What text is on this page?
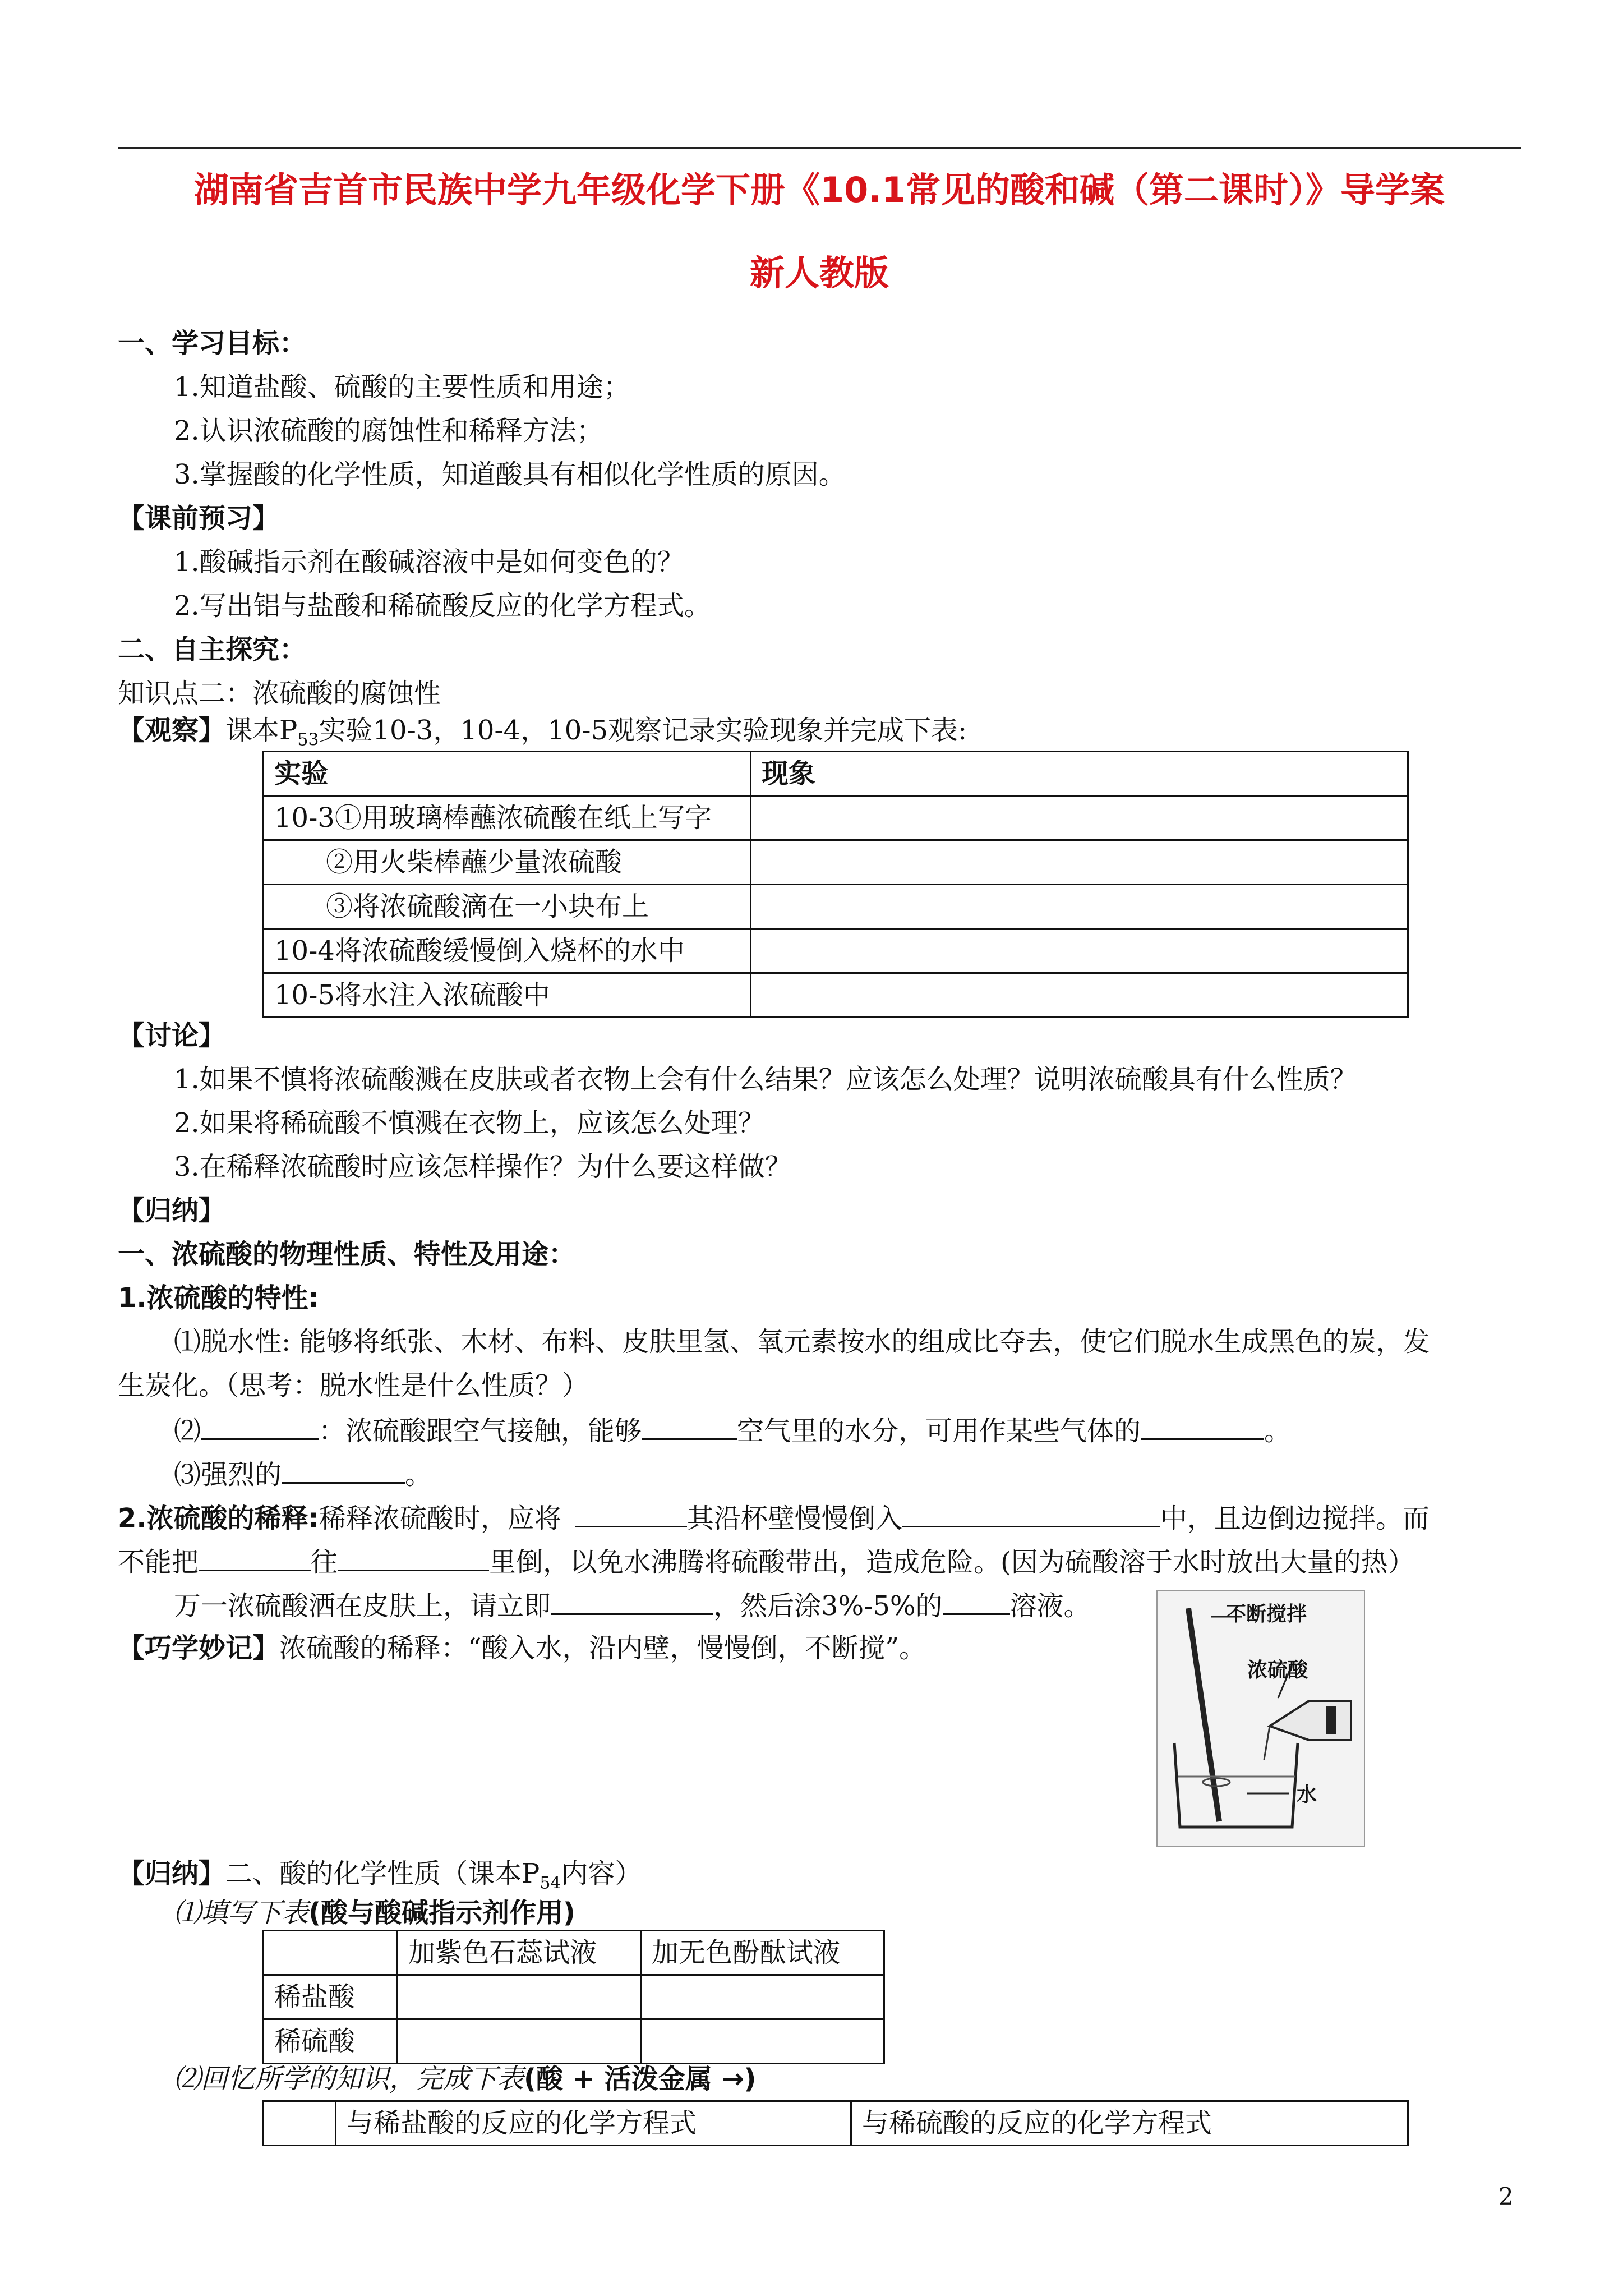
湖南省吉首市民族中学九年级化学下册《10.1常见的酸和碱（第二课时）》导学案
新人教版
一、学习目标：
1.知道盐酸、硫酸的主要性质和用途；
2.认识浓硫酸的腐蚀性和稀释方法；
3.掌握酸的化学性质，知道酸具有相似化学性质的原因。
【课前预习】
1.酸碱指示剂在酸碱溶液中是如何变色的？
2.写出铝与盐酸和稀硫酸反应的化学方程式。
二、自主探究：
知识点二：浓硫酸的腐蚀性
【观察】课本$P_{53}$实验10-3，10-4，10-5观察记录实验现象并完成下表:
实验	现象
10-3①用玻璃棒蘸浓硫酸在纸上写字	
②用火柴棒蘸少量浓硫酸	
③将浓硫酸滴在一小块布上	
10-4将浓硫酸缓慢倒入烧杯的水中	
10-5将水注入浓硫酸中	
【讨论】
1.如果不慎将浓硫酸溅在皮肤或者衣物上会有什么结果？应该怎么处理？说明浓硫酸具有什么性质？
2.如果将稀硫酸不慎溅在衣物上，应该怎么处理？
3.在稀释浓硫酸时应该怎样操作？为什么要这样做？
【归纳】
一、浓硫酸的物理性质、特性及用途：
1.浓硫酸的特性:
⑴脱水性: 能够将纸张、木材、布料、皮肤里氢、氧元素按水的组成比夺去，使它们脱水生成黑色的炭，发
生炭化。（思考：脱水性是什么性质？）
⑵	：浓硫酸跟空气接触，能够	空气里的水分，可用作某些气体的	。
⑶强烈的	。
2.浓硫酸的稀释:稀释浓硫酸时，应将	其沿杯壁慢慢倒入	中，且边倒边搅拌。而
不能把	往	里倒，以免水沸腾将硫酸带出，造成危险。(因为硫酸溶于水时放出大量的热）
万一浓硫酸洒在皮肤上，请立即	，然后涂3%-5%的	溶液。
【巧学妙记】浓硫酸的稀释：“酸入水，沿内壁，慢慢倒，不断搅”。
不断搅拌
浓硫酸
水
【归纳】二、酸的化学性质（课本$P_{54}$内容）
⑴填写下表(酸与酸碱指示剂作用)
	加紫色石蕊试液	加无色酚酞试液
稀盐酸		
稀硫酸		
⑵回忆所学的知识，完成下表(酸 + 活泼金属 →)
	与稀盐酸的反应的化学方程式	与稀硫酸的反应的化学方程式
2
